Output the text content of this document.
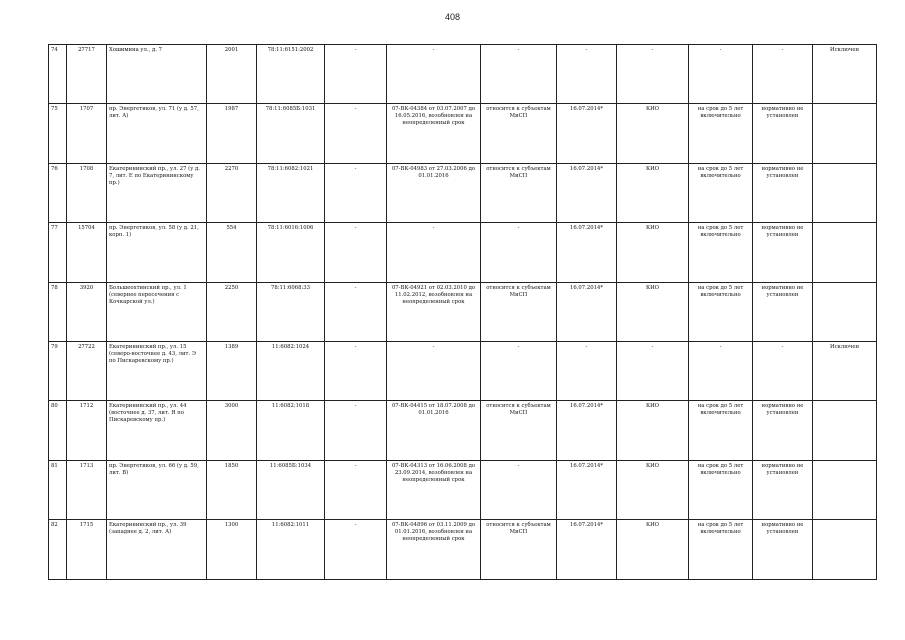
408
74	27717	Хошимина ул., д. 7	2001	78:11:6151:2002	-	-	-	-	-	-	-	Исключен
75	1707	пр. Энергетиков, ул. 71 (у д. 57, лит. А)	1987	78:11:6085Б:1031	-	07-ВК-04384 от 03.07.2007 до 16.05.2016, возобновлен на неопределенный срок	относится к субъектам МиСП	16.07.2014*	КИО	на срок до 5 лет включительно	нормативно не установлен	
76	1708	Екатерининский пр., ул. 27 (у д. 7, лит. Е по Екатерининскому пр.)	2270	78:11:6082:1021	-	07-ВК-04983 от 27.03.2006 до 01.01.2016	относится к субъектам МиСП	16.07.2014*	КИО	на срок до 5 лет включительно	нормативно не установлен	
77	15704	пр. Энергетиков, ул. 58 (у д. 21, корп. 1)	554	78:11:6016:1006	-	-	-	16.07.2014*	КИО	на срок до 5 лет включительно	нормативно не установлен	
78	3920	Большеохтинский пр., ул. 1 (севернее пересечения с Кочкарской ул.)	2250	78:11:6068:33	-	07-ВК-04921 от 02.03.2010 до 11.02.2012, возобновлен на неопределенный срок	относится к субъектам МиСП	16.07.2014*	КИО	на срок до 5 лет включительно	нормативно не установлен	
79	27722	Екатерининский пр., ул. 15 (северо-восточнее д. 43, лит. Э по Пискаревскому пр.)	1389	11:6082:1024	-	-	-	-	-	-	-	Исключен
80	1712	Екатерининский пр., ул. 44 (восточнее д. 37, лит. Я по Пискаревскому пр.)	3000	11:6082:1018	-	07-ВК-04415 от 18.07.2008 до 01.01.2016	относится к субъектам МиСП	16.07.2014*	КИО	на срок до 5 лет включительно	нормативно не установлен	
81	1713	пр. Энергетиков, ул. 66 (у д. 59, лит. В)	1850	11:6085Б:1034	-	07-ВК-04313 от 16.06.2008 до 23.09.2014, возобновлен на неопределенный срок	-	16.07.2014*	КИО	на срок до 5 лет включительно	нормативно не установлен	
82	1715	Екатерининский пр., ул. 39 (западнее д. 2, лит. А)	1300	11:6082:1011	-	07-ВК-04896 от 03.11.2009 до 01.01.2016, возобновлен на неопределенный срок	относится к субъектам МиСП	16.07.2014*	КИО	на срок до 5 лет включительно	нормативно не установлен	
